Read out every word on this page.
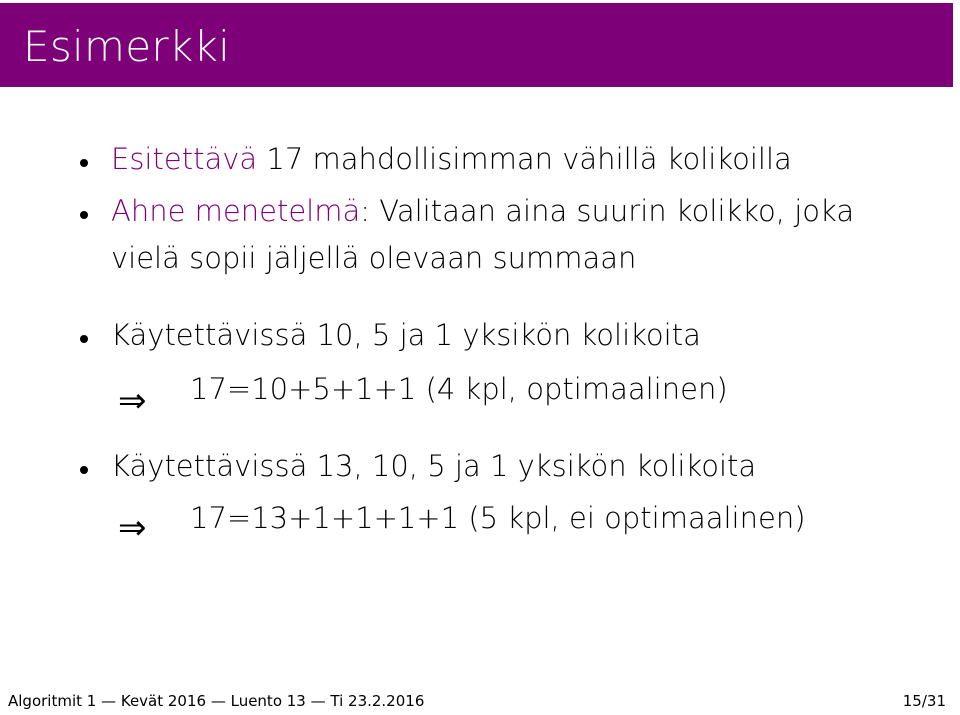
Esimerkki
Esitettävä 17 mahdollisimman vähillä kolikoilla
Ahne menetelmä: Valitaan aina suurin kolikko, joka
vielä sopii jäljellä olevaan summaan
Käytettävissä 10, 5 ja 1 yksikön kolikoita
⇒ 17=10+5+1+1 (4 kpl, optimaalinen)
Käytettävissä 13, 10, 5 ja 1 yksikön kolikoita
⇒ 17=13+1+1+1+1 (5 kpl, ei optimaalinen)
Algoritmit 1 — Kevät 2016 — Luento 13 — Ti 23.2.2016	15/31
